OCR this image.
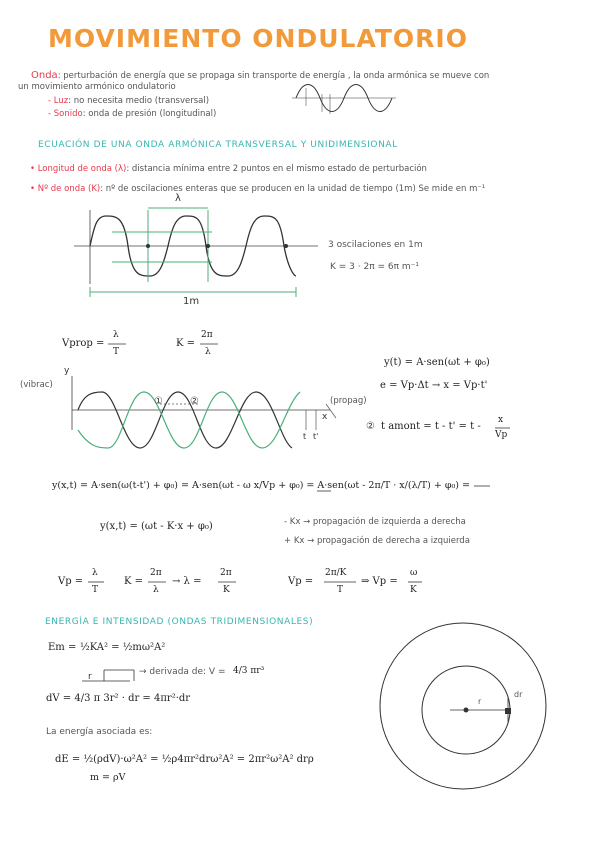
MOVIMIENTO ONDULATORIO
Onda: perturbación de energía que se propaga sin transporte de energía , la onda armónica se mueve con
un movimiento armónico ondulatorio
- Luz: no necesita medio (transversal)
- Sonido: onda de presión (longitudinal)
ECUACIÓN DE UNA ONDA ARMÓNICA TRANSVERSAL Y UNIDIMENSIONAL
• Longitud de onda (λ): distancia mínima entre 2 puntos en el mismo estado de perturbación
• Nº de onda (K): nº de oscilaciones enteras que se producen en la unidad de tiempo (1m) Se mide en m⁻¹
λ
1m
3 oscilaciones en 1m
K = 3 · 2π = 6π m⁻¹
Vprop =
λ
T
K =
2π
λ
y
(vibrac)
(propag)
x
①	②
t t'
y(t) = A·sen(ωt + φ₀)
e = Vp·Δt → x = Vp·t'
② t amont = t - t' = t -
x
Vp
y(x,t) = A·sen(ω(t-t') + φ₀) = A·sen(ωt - ω x/Vp + φ₀) = A·sen(ωt - 2π/T · x/(λ/T) + φ₀) =
y(x,t) = (ωt - K·x + φ₀)	- Kx → propagación de izquierda a derecha
+ Kx → propagación de derecha a izquierda
Vp =
λ
T
K =
2π
λ
→ λ =
2π
K
Vp =
2π/K
T
⇒ Vp =
ω
K
ENERGÍA E INTENSIDAD (ONDAS TRIDIMENSIONALES)
Em = ½KA² = ½mω²A²
r	→ derivada de: V = 4/3 πr³
dV = 4/3 π 3r² · dr = 4πr²·dr
La energía asociada es:
dE = ½(ρdV)·ω²A² = ½ρ4πr²drω²A² = 2πr²ω²A² drρ
m = ρV
dr
r
